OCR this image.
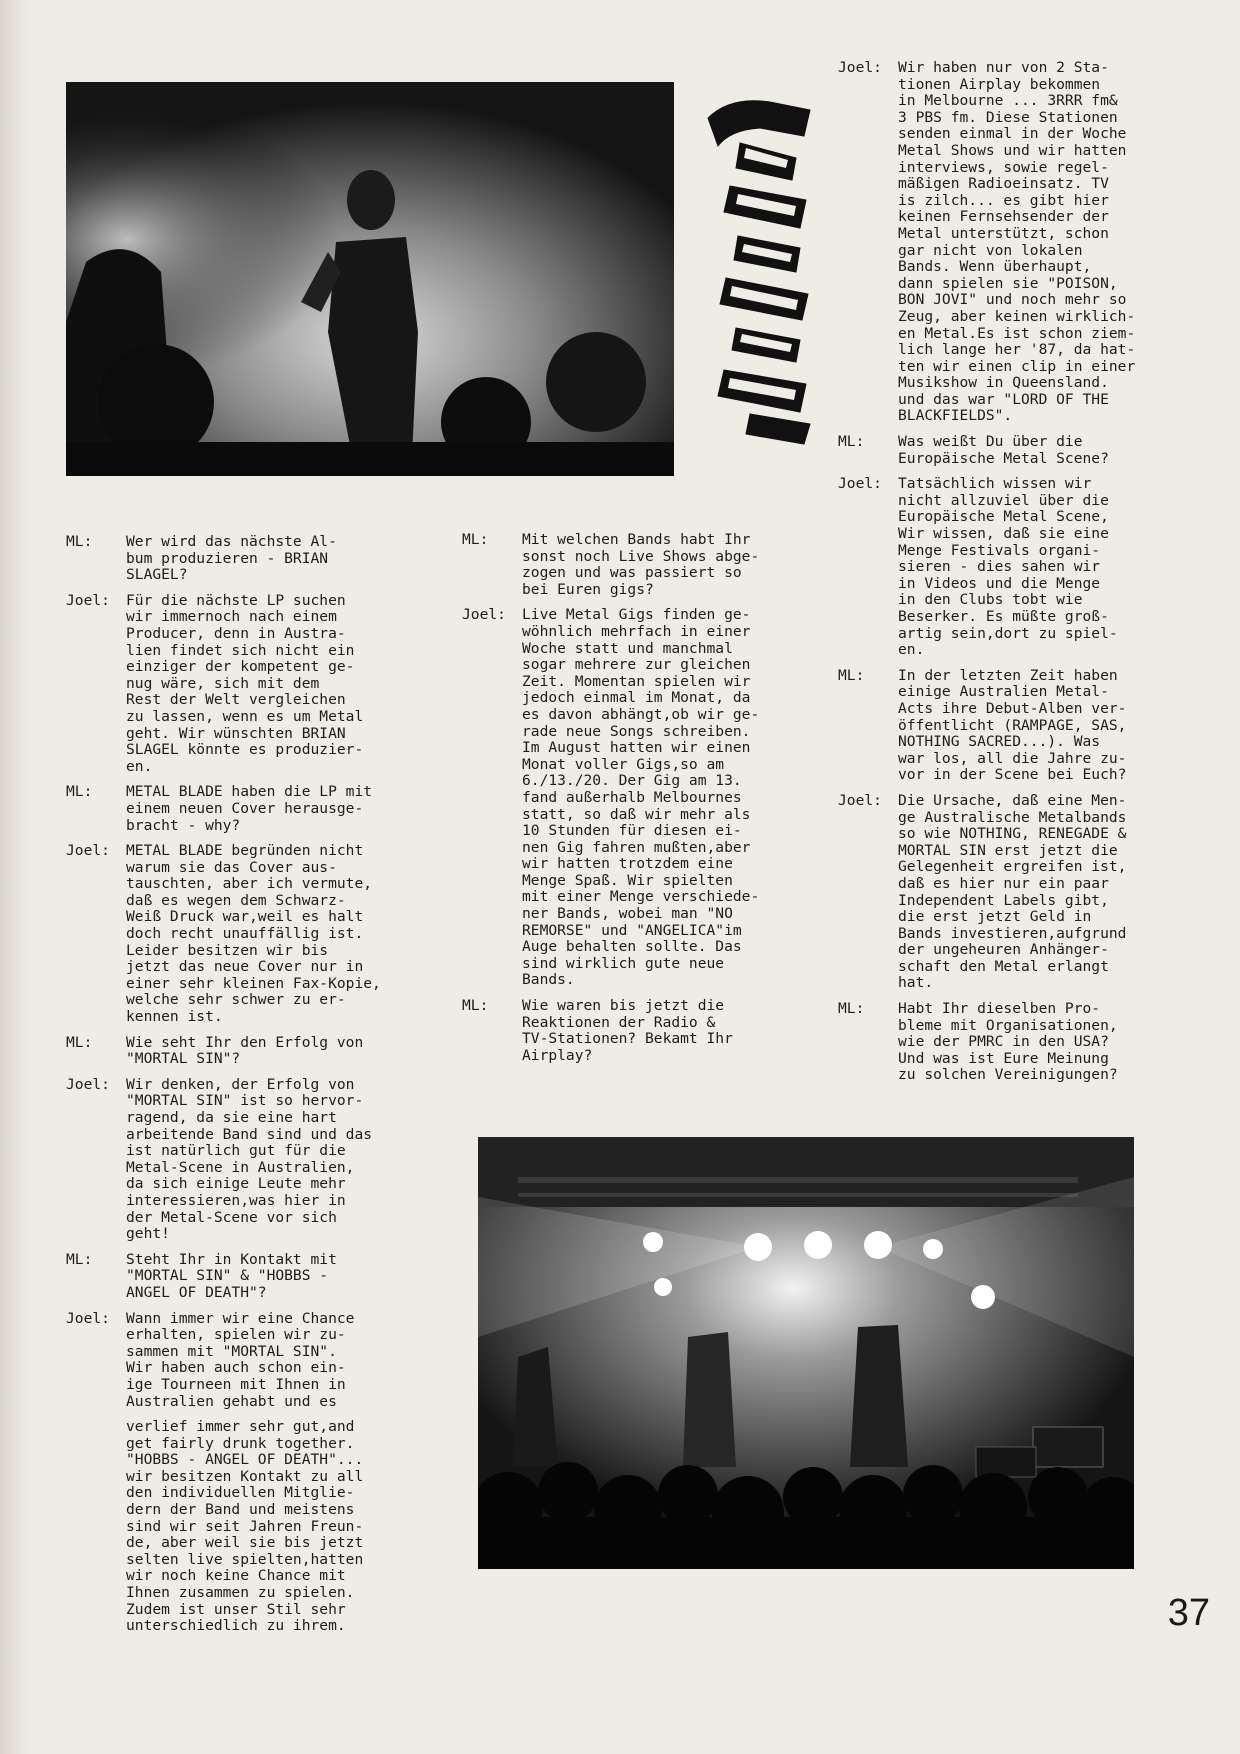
ML:	Wer wird das nächste Al-
bum produzieren - BRIAN
SLAGEL?
Joel:	Für die nächste LP suchen
wir immernoch nach einem
Producer, denn in Austra-
lien findet sich nicht ein
einziger der kompetent ge-
nug wäre, sich mit dem
Rest der Welt vergleichen
zu lassen, wenn es um Metal
geht. Wir wünschten BRIAN
SLAGEL könnte es produzier-
en.
ML:	METAL BLADE haben die LP mit
einem neuen Cover herausge-
bracht - why?
Joel:	METAL BLADE begründen nicht
warum sie das Cover aus-
tauschten, aber ich vermute,
daß es wegen dem Schwarz-
Weiß Druck war,weil es halt
doch recht unauffällig ist.
Leider besitzen wir bis
jetzt das neue Cover nur in
einer sehr kleinen Fax-Kopie,
welche sehr schwer zu er-
kennen ist.
ML:	Wie seht Ihr den Erfolg von
"MORTAL SIN"?
Joel:	Wir denken, der Erfolg von
"MORTAL SIN" ist so hervor-
ragend, da sie eine hart
arbeitende Band sind und das
ist natürlich gut für die
Metal-Scene in Australien,
da sich einige Leute mehr
interessieren,was hier in
der Metal-Scene vor sich
geht!
ML:	Steht Ihr in Kontakt mit
"MORTAL SIN" & "HOBBS -
ANGEL OF DEATH"?
Joel:	Wann immer wir eine Chance
erhalten, spielen wir zu-
sammen mit "MORTAL SIN".
Wir haben auch schon ein-
ige Tourneen mit Ihnen in
Australien gehabt und es
verlief immer sehr gut,and
get fairly drunk together.
"HOBBS - ANGEL OF DEATH"...
wir besitzen Kontakt zu all
den individuellen Mitglie-
dern der Band und meistens
sind wir seit Jahren Freun-
de, aber weil sie bis jetzt
selten live spielten,hatten
wir noch keine Chance mit
Ihnen zusammen zu spielen.
Zudem ist unser Stil sehr
unterschiedlich zu ihrem.
ML:	Mit welchen Bands habt Ihr
sonst noch Live Shows abge-
zogen und was passiert so
bei Euren gigs?
Joel:	Live Metal Gigs finden ge-
wöhnlich mehrfach in einer
Woche statt und manchmal
sogar mehrere zur gleichen
Zeit. Momentan spielen wir
jedoch einmal im Monat, da
es davon abhängt,ob wir ge-
rade neue Songs schreiben.
Im August hatten wir einen
Monat voller Gigs,so am
6./13./20. Der Gig am 13.
fand außerhalb Melbournes
statt, so daß wir mehr als
10 Stunden für diesen ei-
nen Gig fahren mußten,aber
wir hatten trotzdem eine
Menge Spaß. Wir spielten
mit einer Menge verschiede-
ner Bands, wobei man "NO
REMORSE" und "ANGELICA"im
Auge behalten sollte. Das
sind wirklich gute neue
Bands.
ML:	Wie waren bis jetzt die
Reaktionen der Radio &
TV-Stationen? Bekamt Ihr
Airplay?
Joel:	Wir haben nur von 2 Sta-
tionen Airplay bekommen
in Melbourne ... 3RRR fm&
3 PBS fm. Diese Stationen
senden einmal in der Woche
Metal Shows und wir hatten
interviews, sowie regel-
mäßigen Radioeinsatz. TV
is zilch... es gibt hier
keinen Fernsehsender der
Metal unterstützt, schon
gar nicht von lokalen
Bands. Wenn überhaupt,
dann spielen sie "POISON,
BON JOVI" und noch mehr so
Zeug, aber keinen wirklich-
en Metal.Es ist schon ziem-
lich lange her '87, da hat-
ten wir einen clip in einer
Musikshow in Queensland.
und das war "LORD OF THE
BLACKFIELDS".
ML:	Was weißt Du über die
Europäische Metal Scene?
Joel:	Tatsächlich wissen wir
nicht allzuviel über die
Europäische Metal Scene,
Wir wissen, daß sie eine
Menge Festivals organi-
sieren - dies sahen wir
in Videos und die Menge
in den Clubs tobt wie
Beserker. Es müßte groß-
artig sein,dort zu spiel-
en.
ML:	In der letzten Zeit haben
einige Australien Metal-
Acts ihre Debut-Alben ver-
öffentlicht (RAMPAGE, SAS,
NOTHING SACRED...). Was
war los, all die Jahre zu-
vor in der Scene bei Euch?
Joel:	Die Ursache, daß eine Men-
ge Australische Metalbands
so wie NOTHING, RENEGADE &
MORTAL SIN erst jetzt die
Gelegenheit ergreifen ist,
daß es hier nur ein paar
Independent Labels gibt,
die erst jetzt Geld in
Bands investieren,aufgrund
der ungeheuren Anhänger-
schaft den Metal erlangt
hat.
ML:	Habt Ihr dieselben Pro-
bleme mit Organisationen,
wie der PMRC in den USA?
Und was ist Eure Meinung
zu solchen Vereinigungen?
37
